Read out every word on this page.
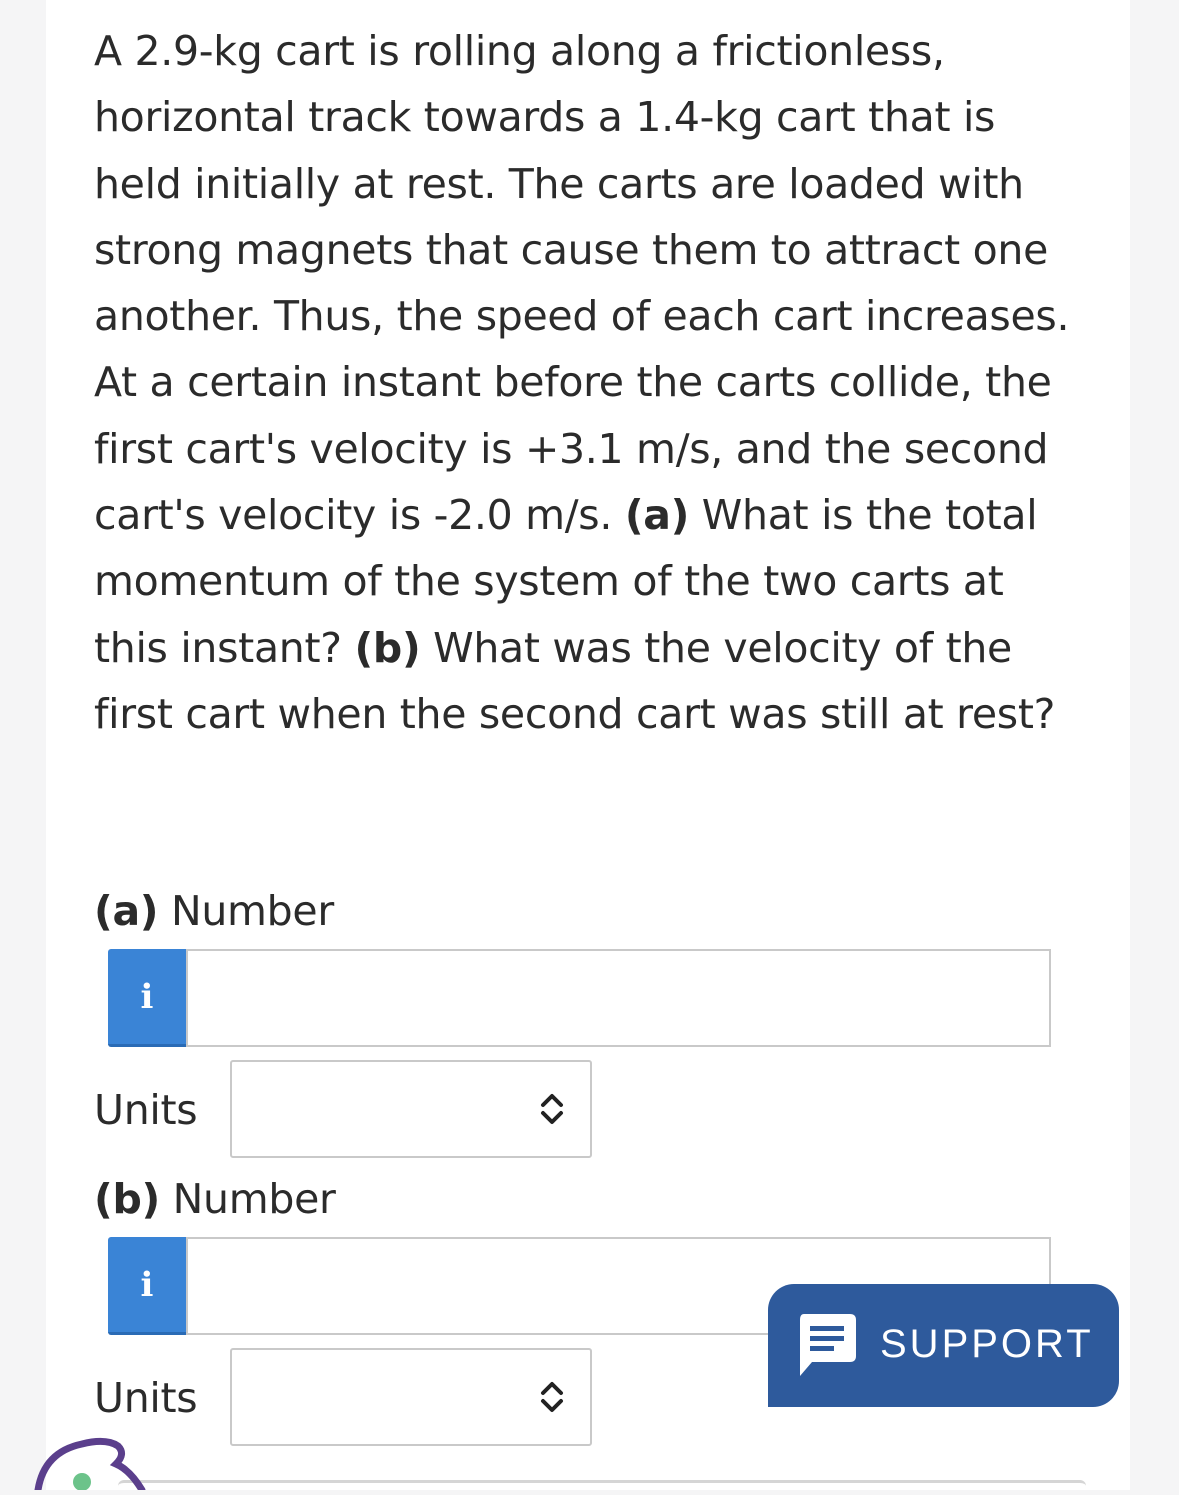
A 2.9-kg cart is rolling along a frictionless, horizontal track towards a 1.4-kg cart that is held initially at rest. The carts are loaded with strong magnets that cause them to attract one another. Thus, the speed of each cart increases. At a certain instant before the carts collide, the first cart's velocity is +3.1 m/s, and the second cart's velocity is -2.0 m/s. (a) What is the total momentum of the system of the two carts at this instant? (b) What was the velocity of the first cart when the second cart was still at rest?

(a) Number
i
Units
(b) Number
i
Units
SUPPORT
